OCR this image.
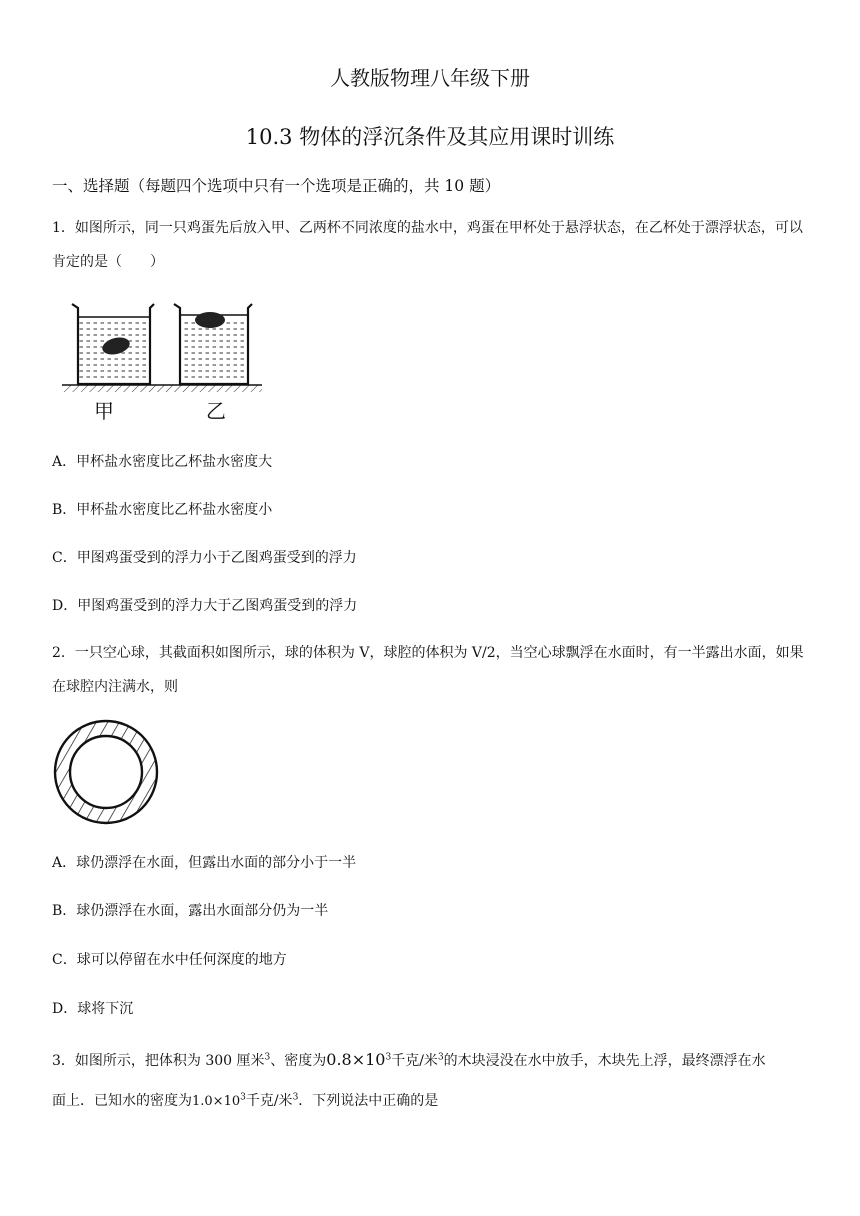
人教版物理八年级下册
10.3 物体的浮沉条件及其应用课时训练
一、选择题（每题四个选项中只有一个选项是正确的，共 10 题）
1．如图所示，同一只鸡蛋先后放入甲、乙两杯不同浓度的盐水中，鸡蛋在甲杯处于悬浮状态，在乙杯处于漂浮状态，可以肯定的是（　　）
甲	乙
A．甲杯盐水密度比乙杯盐水密度大
B．甲杯盐水密度比乙杯盐水密度小
C．甲图鸡蛋受到的浮力小于乙图鸡蛋受到的浮力
D．甲图鸡蛋受到的浮力大于乙图鸡蛋受到的浮力
2．一只空心球，其截面积如图所示，球的体积为 V，球腔的体积为 V/2，当空心球飘浮在水面时，有一半露出水面，如果在球腔内注满水，则
A．球仍漂浮在水面，但露出水面的部分小于一半
B．球仍漂浮在水面，露出水面部分仍为一半
C．球可以停留在水中任何深度的地方
D．球将下沉
3．如图所示，把体积为 300 厘米$^3$、密度为$0.8\times 10^3$千克/米$^3$的木块浸没在水中放手，木块先上浮，最终漂浮在水
面上．已知水的密度为$1.0\times 10^3$千克/米$^3$．下列说法中正确的是
